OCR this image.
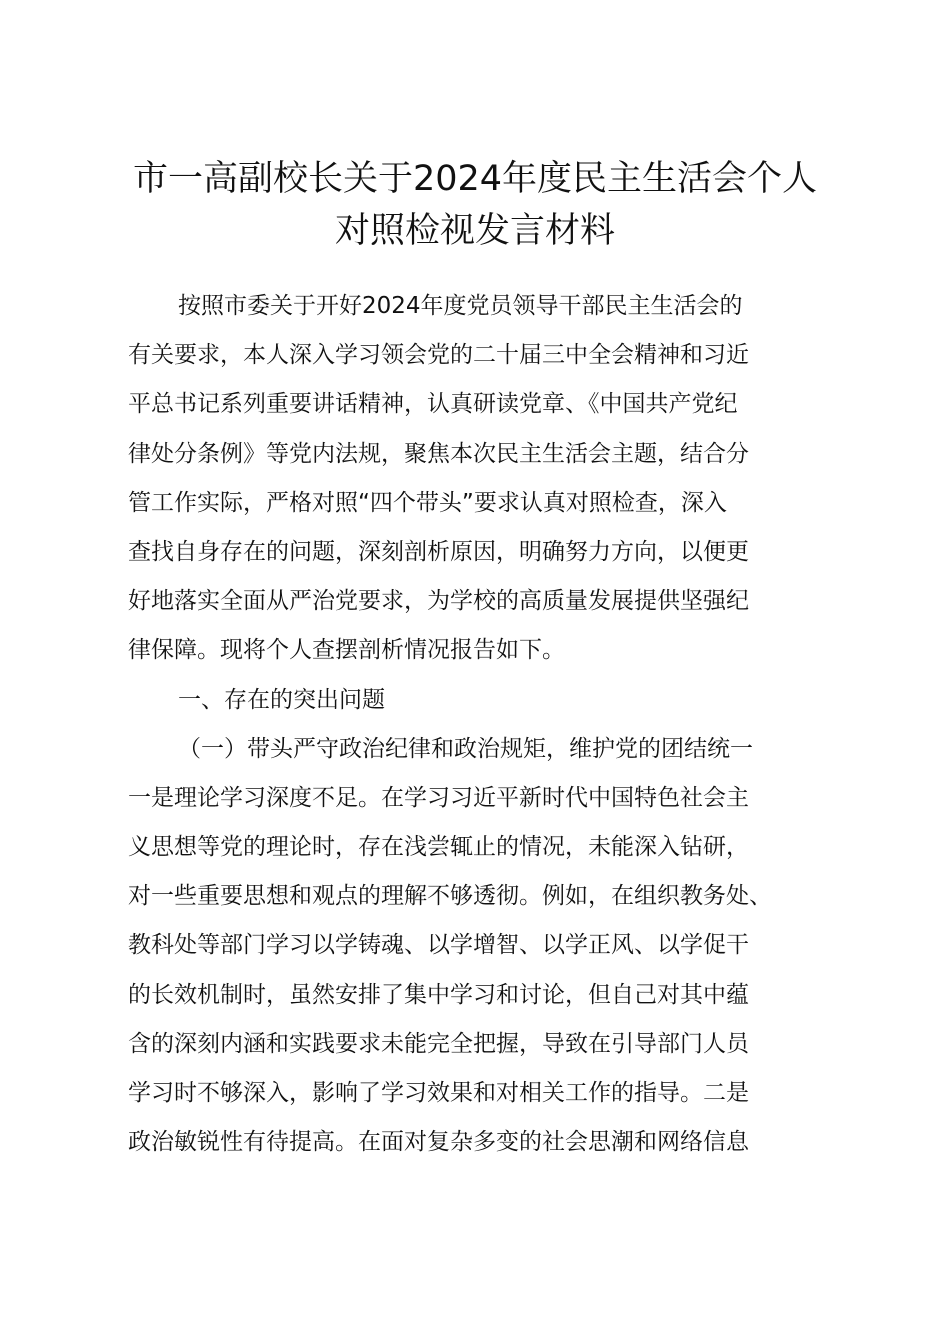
市一高副校长关于2024年度民主生活会个人
对照检视发言材料
按照市委关于开好2024年度党员领导干部民主生活会的
有关要求，本人深入学习领会党的二十届三中全会精神和习近
平总书记系列重要讲话精神，认真研读党章、《中国共产党纪
律处分条例》等党内法规，聚焦本次民主生活会主题，结合分
管工作实际，严格对照“四个带头”要求认真对照检查，深入
查找自身存在的问题，深刻剖析原因，明确努力方向，以便更
好地落实全面从严治党要求，为学校的高质量发展提供坚强纪
律保障。现将个人查摆剖析情况报告如下。
一、存在的突出问题
（一）带头严守政治纪律和政治规矩，维护党的团结统一
一是理论学习深度不足。在学习习近平新时代中国特色社会主
义思想等党的理论时，存在浅尝辄止的情况，未能深入钻研，
对一些重要思想和观点的理解不够透彻。例如，在组织教务处、
教科处等部门学习以学铸魂、以学增智、以学正风、以学促干
的长效机制时，虽然安排了集中学习和讨论，但自己对其中蕴
含的深刻内涵和实践要求未能完全把握，导致在引导部门人员
学习时不够深入，影响了学习效果和对相关工作的指导。二是
政治敏锐性有待提高。在面对复杂多变的社会思潮和网络信息
